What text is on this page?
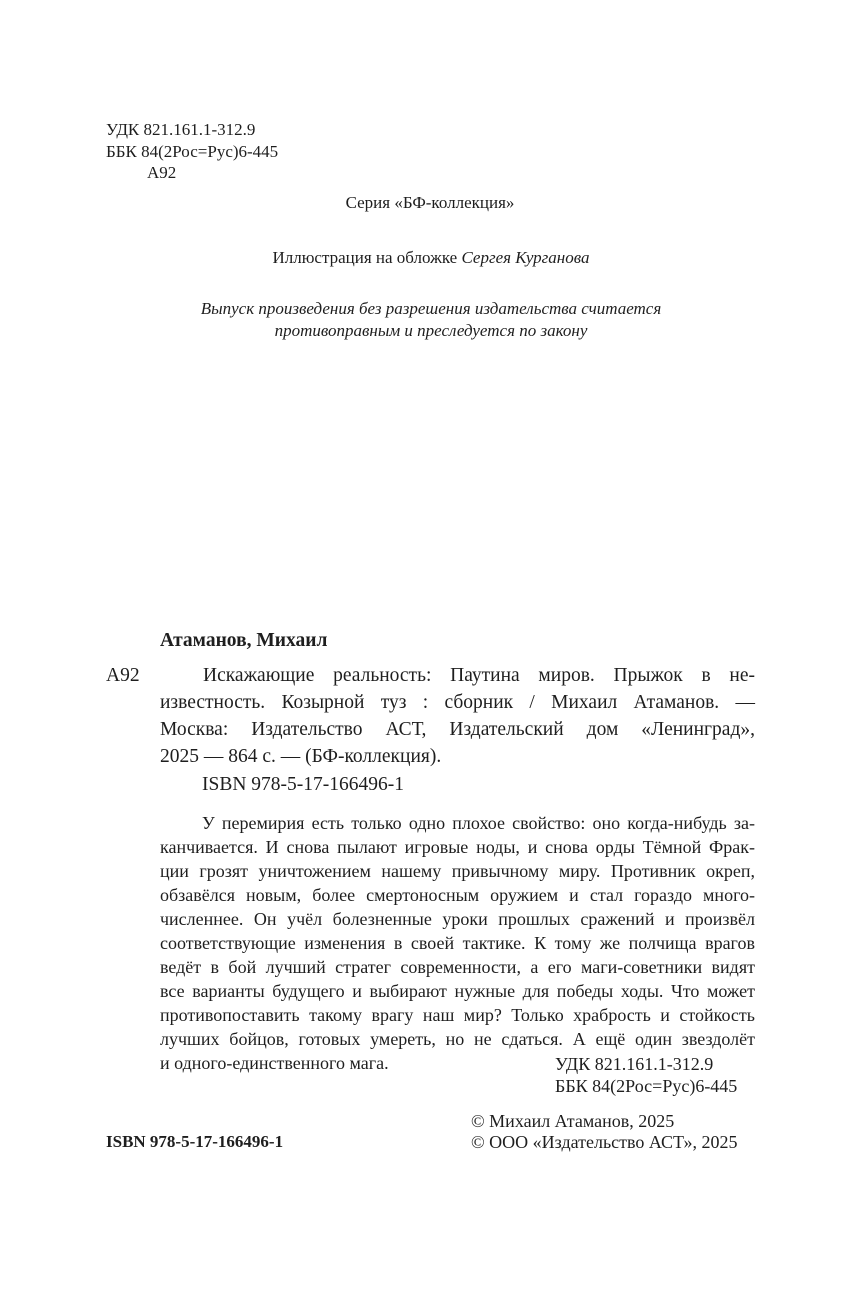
УДК 821.161.1-312.9
ББК 84(2Рос=Рус)6-445
А92
Серия «БФ-коллекция»
Иллюстрация на обложке Сергея Курганова
Выпуск произведения без разрешения издательства считается
противоправным и преследуется по закону
Атаманов, Михаил
А92	Искажающие реальность: Паутина миров. Прыжок в не-
известность. Козырной туз : сборник / Михаил Атаманов. —
Москва: Издательство АСТ, Издательский дом «Ленинград»,
2025 — 864 с. — (БФ-коллекция).
ISBN 978-5-17-166496-1
У перемирия есть только одно плохое свойство: оно когда-нибудь за-
канчивается. И снова пылают игровые ноды, и снова орды Тёмной Фрак-
ции грозят уничтожением нашему привычному миру. Противник окреп,
обзавёлся новым, более смертоносным оружием и стал гораздо много-
численнее. Он учёл болезненные уроки прошлых сражений и произвёл
соответствующие изменения в своей тактике. К тому же полчища врагов
ведёт в бой лучший стратег современности, а его маги-советники видят
все варианты будущего и выбирают нужные для победы ходы. Что может
противопоставить такому врагу наш мир? Только храбрость и стойкость
лучших бойцов, готовых умереть, но не сдаться. А ещё один звездолёт
и одного-единственного мага.	УДК 821.161.1-312.9
ББК 84(2Рос=Рус)6-445
© Михаил Атаманов, 2025
© ООО «Издательство АСТ», 2025
ISBN 978-5-17-166496-1
